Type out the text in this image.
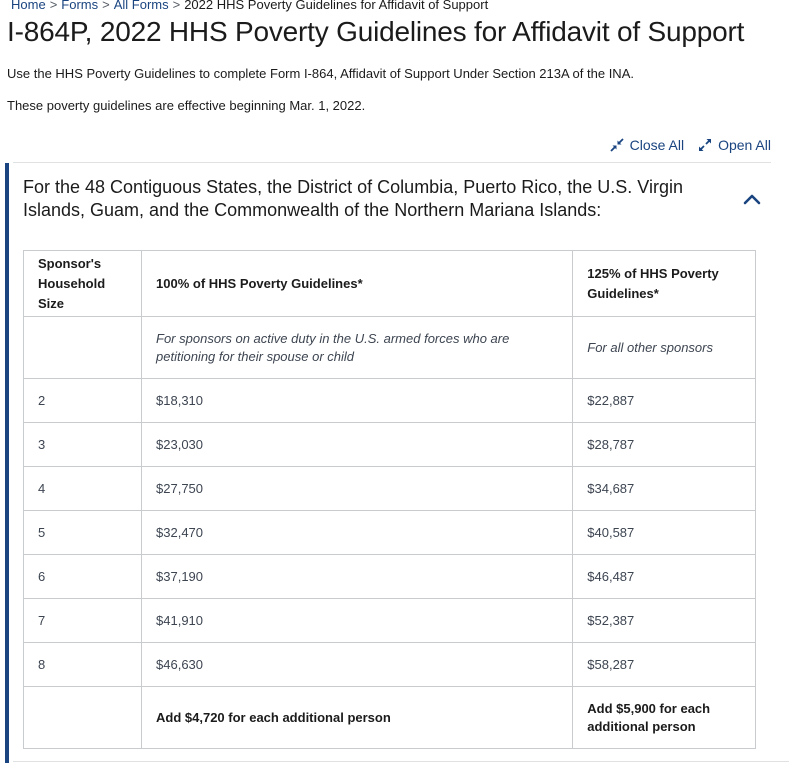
Home > Forms > All Forms > 2022 HHS Poverty Guidelines for Affidavit of Support
I-864P, 2022 HHS Poverty Guidelines for Affidavit of Support

Use the HHS Poverty Guidelines to complete Form I-864, Affidavit of Support Under Section 213A of the INA.

These poverty guidelines are effective beginning Mar. 1, 2022.

Close All Open All
For the 48 Contiguous States, the District of Columbia, Puerto Rico, the U.S. Virgin Islands, Guam, and the Commonwealth of the Northern Mariana Islands:
Sponsor's Household Size	100% of HHS Poverty Guidelines*	125% of HHS Poverty Guidelines*
	For sponsors on active duty in the U.S. armed forces who are petitioning for their spouse or child	For all other sponsors
2	$18,310	$22,887
3	$23,030	$28,787
4	$27,750	$34,687
5	$32,470	$40,587
6	$37,190	$46,487
7	$41,910	$52,387
8	$46,630	$58,287
	Add $4,720 for each additional person	Add $5,900 for each additional person
